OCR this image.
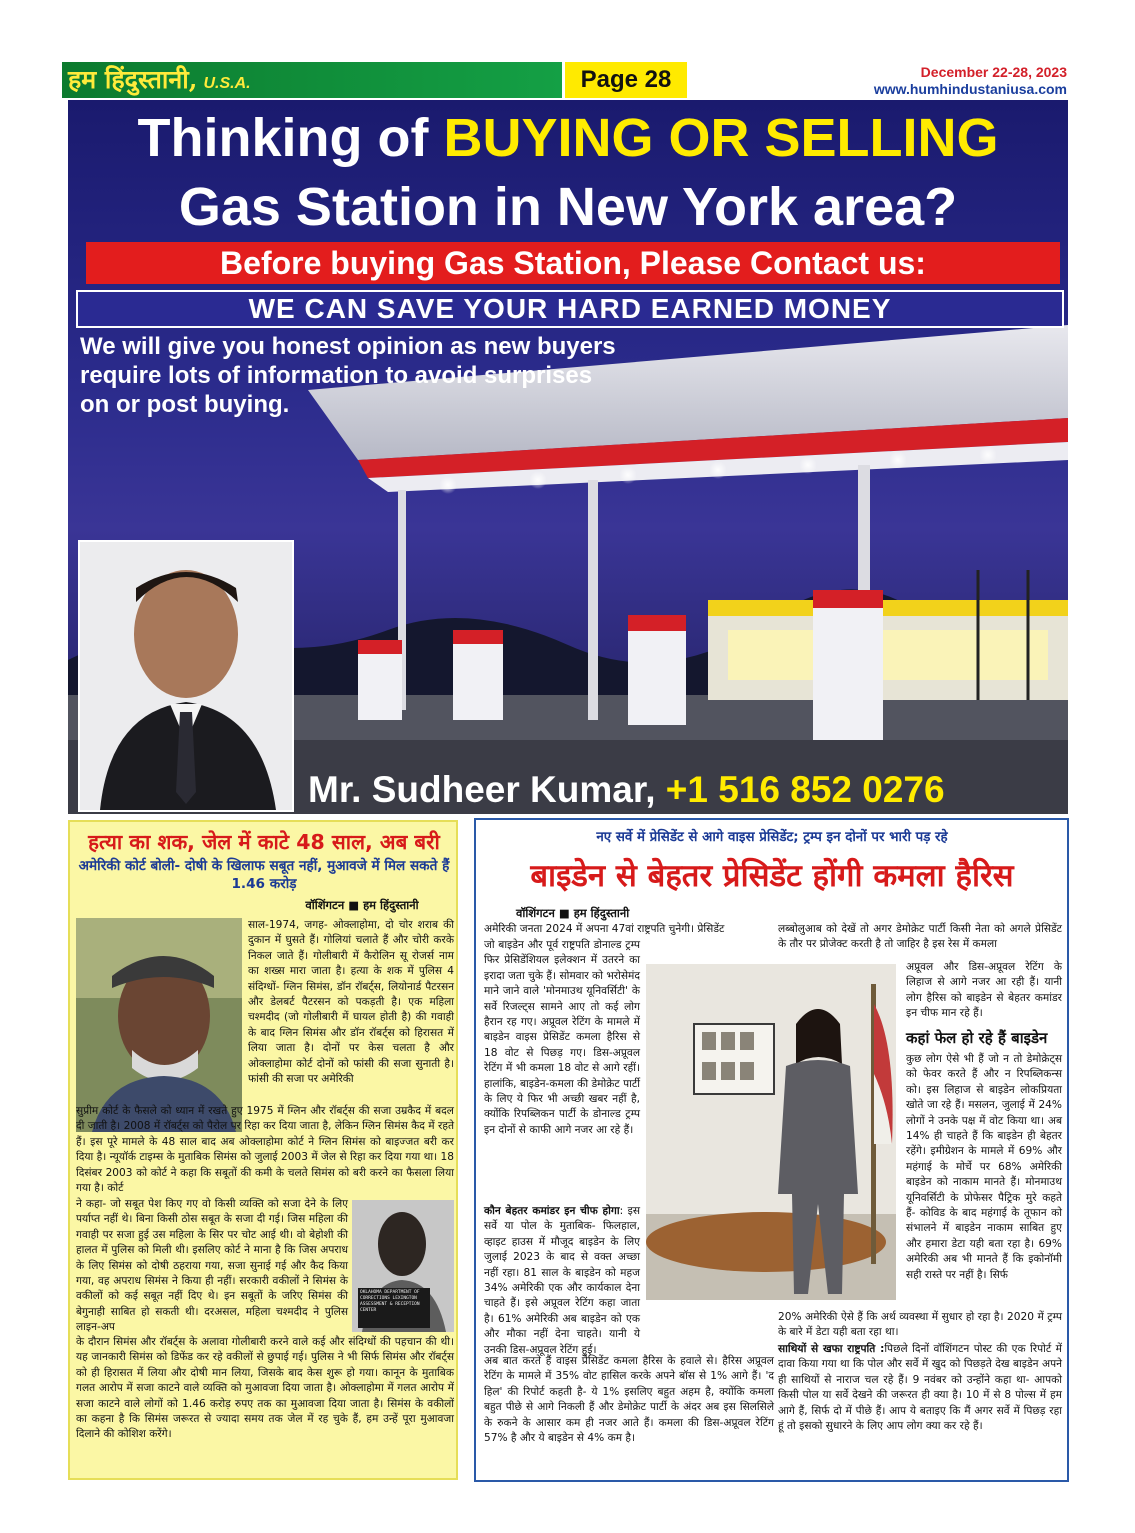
हम हिंदुस्तानी, U.S.A.	Page 28	December 22-28, 2023
www.humhindustaniusa.com
Thinking of BUYING OR SELLING
Gas Station in New York area?
Before buying Gas Station, Please Contact us:
WE CAN SAVE YOUR HARD EARNED MONEY
We will give you honest opinion as new buyers require lots of information to avoid surprises on or post buying.
Mr. Sudheer Kumar, +1 516 852 0276
हत्या का शक, जेल में काटे 48 साल, अब बरी
अमेरिकी कोर्ट बोली- दोषी के खिलाफ सबूत नहीं, मुआवजे में मिल सकते हैं 1.46 करोड़
वॉशिंगटन ■ हम हिंदुस्तानी
साल-1974, जगह- ओक्लाहोमा, दो चोर शराब की दुकान में घुसते हैं। गोलियां चलाते हैं और चोरी करके निकल जाते हैं। गोलीबारी में कैरोलिन सू रोजर्स नाम का शख्स मारा जाता है। हत्या के शक में पुलिस 4 संदिग्धों- ग्लिन सिमंस, डॉन रॉबर्ट्स, लियोनार्ड पैटरसन और डेलबर्ट पैटरसन को पकड़ती है। एक महिला चश्मदीद (जो गोलीबारी में घायल होती है) की गवाही के बाद ग्लिन सिमंस और डॉन रॉबर्ट्स को हिरासत में लिया जाता है। दोनों पर केस चलता है और ओक्लाहोमा कोर्ट दोनों को फांसी की सजा सुनाती है। फांसी की सजा पर अमेरिकी
सुप्रीम कोर्ट के फैसले को ध्यान में रखते हुए 1975 में ग्लिन और रॉबर्ट्स की सजा उम्रकैद में बदल दी जाती है। 2008 में रॉबर्ट्स को पैरोल पर रिहा कर दिया जाता है, लेकिन ग्लिन सिमंस कैद में रहते हैं। इस पूरे मामले के 48 साल बाद अब ओक्लाहोमा कोर्ट ने ग्लिन सिमंस को बाइज्जत बरी कर दिया है। न्यूयॉर्क टाइम्स के मुताबिक सिमंस को जुलाई 2003 में जेल से रिहा कर दिया गया था। 18 दिसंबर 2003 को कोर्ट ने कहा कि सबूतों की कमी के चलते सिमंस को बरी करने का फैसला लिया गया है। कोर्ट
OKLAHOMA DEPARTMENT OF CORRECTIONS LEXINGTON ASSESSMENT & RECEPTION CENTER
ने कहा- जो सबूत पेश किए गए वो किसी व्यक्ति को सजा देने के लिए पर्याप्त नहीं थे। बिना किसी ठोस सबूत के सजा दी गई। जिस महिला की गवाही पर सजा हुई उस महिला के सिर पर चोट आई थी। वो बेहोशी की हालत में पुलिस को मिली थी। इसलिए कोर्ट ने माना है कि जिस अपराध के लिए सिमंस को दोषी ठहराया गया, सजा सुनाई गई और कैद किया गया, वह अपराध सिमंस ने किया ही नहीं। सरकारी वकीलों ने सिमंस के वकीलों को कई सबूत नहीं दिए थे। इन सबूतों के जरिए सिमंस की बेगुनाही साबित हो सकती थी। दरअसल, महिला चश्मदीद ने पुलिस लाइन-अप
के दौरान सिमंस और रॉबर्ट्स के अलावा गोलीबारी करने वाले कई और संदिग्धों की पहचान की थी। यह जानकारी सिमंस को डिफेंड कर रहे वकीलों से छुपाई गई। पुलिस ने भी सिर्फ सिमंस और रॉबर्ट्स को ही हिरासत में लिया और दोषी मान लिया, जिसके बाद केस शुरू हो गया। कानून के मुताबिक गलत आरोप में सजा काटने वाले व्यक्ति को मुआवजा दिया जाता है। ओक्लाहोमा में गलत आरोप में सजा काटने वाले लोगों को 1.46 करोड़ रुपए तक का मुआवजा दिया जाता है। सिमंस के वकीलों का कहना है कि सिमंस जरूरत से ज्यादा समय तक जेल में रह चुके हैं, हम उन्हें पूरा मुआवजा दिलाने की कोशिश करेंगे।
नए सर्वे में प्रेसिडेंट से आगे वाइस प्रेसिडेंट; ट्रम्प इन दोनों पर भारी पड़ रहे
बाइडेन से बेहतर प्रेसिडेंट होंगी कमला हैरिस
वॉशिंगटन ■ हम हिंदुस्तानी
अमेरिकी जनता 2024 में अपना 47वां राष्ट्रपति चुनेगी। प्रेसिडेंट
जो बाइडेन और पूर्व राष्ट्रपति डोनाल्ड ट्रम्प फिर प्रेसिडेंशियल इलेक्शन में उतरने का इरादा जता चुके हैं। सोमवार को भरोसेमंद माने जाने वाले 'मोनमाउथ यूनिवर्सिटी' के सर्वे रिजल्ट्स सामने आए तो कई लोग हैरान रह गए। अप्रूवल रेटिंग के मामले में बाइडेन वाइस प्रेसिडेंट कमला हैरिस से 18 वोट से पिछड़ गए। डिस-अप्रूवल रेटिंग में भी कमला 18 वोट से आगे रहीं। हालांकि, बाइडेन-कमला की डेमोक्रेट पार्टी के लिए ये फिर भी अच्छी खबर नहीं है, क्योंकि रिपब्लिकन पार्टी के डोनाल्ड ट्रम्प इन दोनों से काफी आगे नजर आ रहे हैं।
कौन बेहतर कमांडर इन चीफ होगा: इस सर्वे या पोल के मुताबिक- फिलहाल, व्हाइट हाउस में मौजूद बाइडेन के लिए जुलाई 2023 के बाद से वक्त अच्छा नहीं रहा। 81 साल के बाइडेन को महज 34% अमेरिकी एक और कार्यकाल देना चाहते हैं। इसे अप्रूवल रेटिंग कहा जाता है। 61% अमेरिकी अब बाइडेन को एक और मौका नहीं देना चाहते। यानी ये उनकी डिस-अप्रूवल रेटिंग हुई।
अब बात करते हैं वाइस प्रेसिडेंट कमला हैरिस के हवाले से। हैरिस अप्रूवल रेटिंग के मामले में 35% वोट हासिल करके अपने बॉस से 1% आगे हैं। 'द हिल' की रिपोर्ट कहती है- ये 1% इसलिए बहुत अहम है, क्योंकि कमला बहुत पीछे से आगे निकली हैं और डेमोक्रेट पार्टी के अंदर अब इस सिलसिले के रुकने के आसार कम ही नजर आते हैं। कमला की डिस-अप्रूवल रेटिंग 57% है और ये बाइडेन से 4% कम है।
लब्बोलुआब को देखें तो अगर डेमोक्रेट पार्टी किसी नेता को अगले प्रेसिडेंट के तौर पर प्रोजेक्ट करती है तो जाहिर है इस रेस में कमला
अप्रूवल और डिस-अप्रूवल रेटिंग के लिहाज से आगे नजर आ रही हैं। यानी लोग हैरिस को बाइडेन से बेहतर कमांडर इन चीफ मान रहे हैं।
कहां फेल हो रहे हैं बाइडेन
कुछ लोग ऐसे भी हैं जो न तो डेमोक्रेट्स को फेवर करते हैं और न रिपब्लिकन्स को। इस लिहाज से बाइडेन लोकप्रियता खोते जा रहे हैं। मसलन, जुलाई में 24% लोगों ने उनके पक्ष में वोट किया था। अब 14% ही चाहते हैं कि बाइडेन ही बेहतर रहेंगे। इमीग्रेशन के मामले में 69% और महंगाई के मोर्चे पर 68% अमेरिकी बाइडेन को नाकाम मानते हैं। मोनमाउथ यूनिवर्सिटी के प्रोफेसर पैट्रिक मुरे कहते हैं- कोविड के बाद महंगाई के तूफान को संभालने में बाइडेन नाकाम साबित हुए और हमारा डेटा यही बता रहा है। 69% अमेरिकी अब भी मानते हैं कि इकोनॉमी सही रास्ते पर नहीं है। सिर्फ
20% अमेरिकी ऐसे हैं कि अर्थ व्यवस्था में सुधार हो रहा है। 2020 में ट्रम्प के बारे में डेटा यही बता रहा था।
साथियों से खफा राष्ट्रपति :पिछले दिनों वॉशिंगटन पोस्ट की एक रिपोर्ट में दावा किया गया था कि पोल और सर्वे में खुद को पिछड़ते देख बाइडेन अपने ही साथियों से नाराज चल रहे हैं। 9 नवंबर को उन्होंने कहा था- आपको किसी पोल या सर्वे देखने की जरूरत ही क्या है। 10 में से 8 पोल्स में हम आगे हैं, सिर्फ दो में पीछे हैं। आप ये बताइए कि मैं अगर सर्वे में पिछड़ रहा हूं तो इसको सुधारने के लिए आप लोग क्या कर रहे हैं।
